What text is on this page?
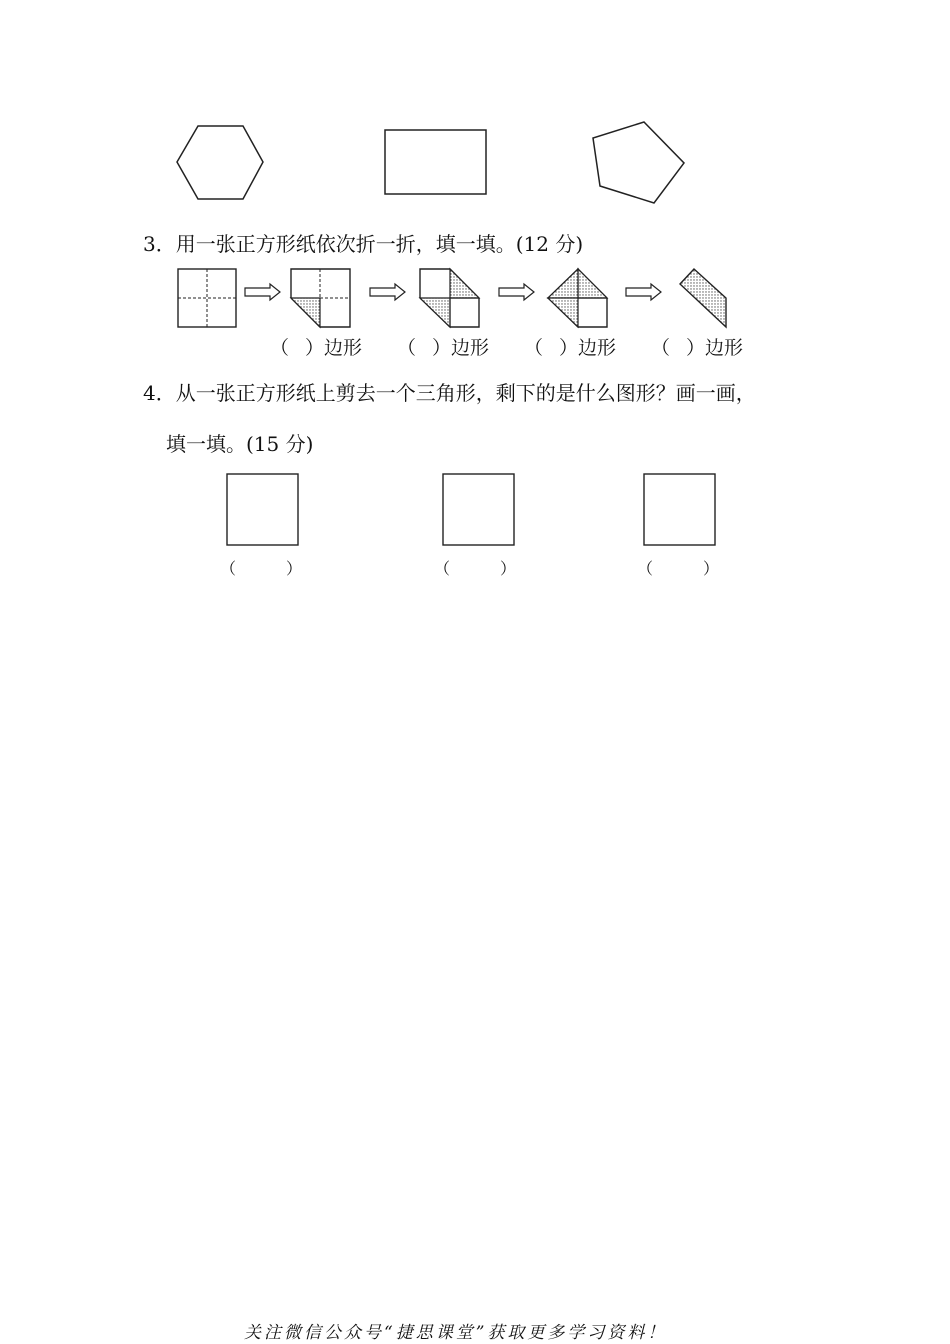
3．用一张正方形纸依次折一折，填一填。(12 分)
（ ）边形 （ ）边形 （ ）边形 （ ）边形
4．从一张正方形纸上剪去一个三角形，剩下的是什么图形？画一画，
填一填。(15 分)
（	）	（	）	（	）
关注微信公众号“捷思课堂”获取更多学习资料！
